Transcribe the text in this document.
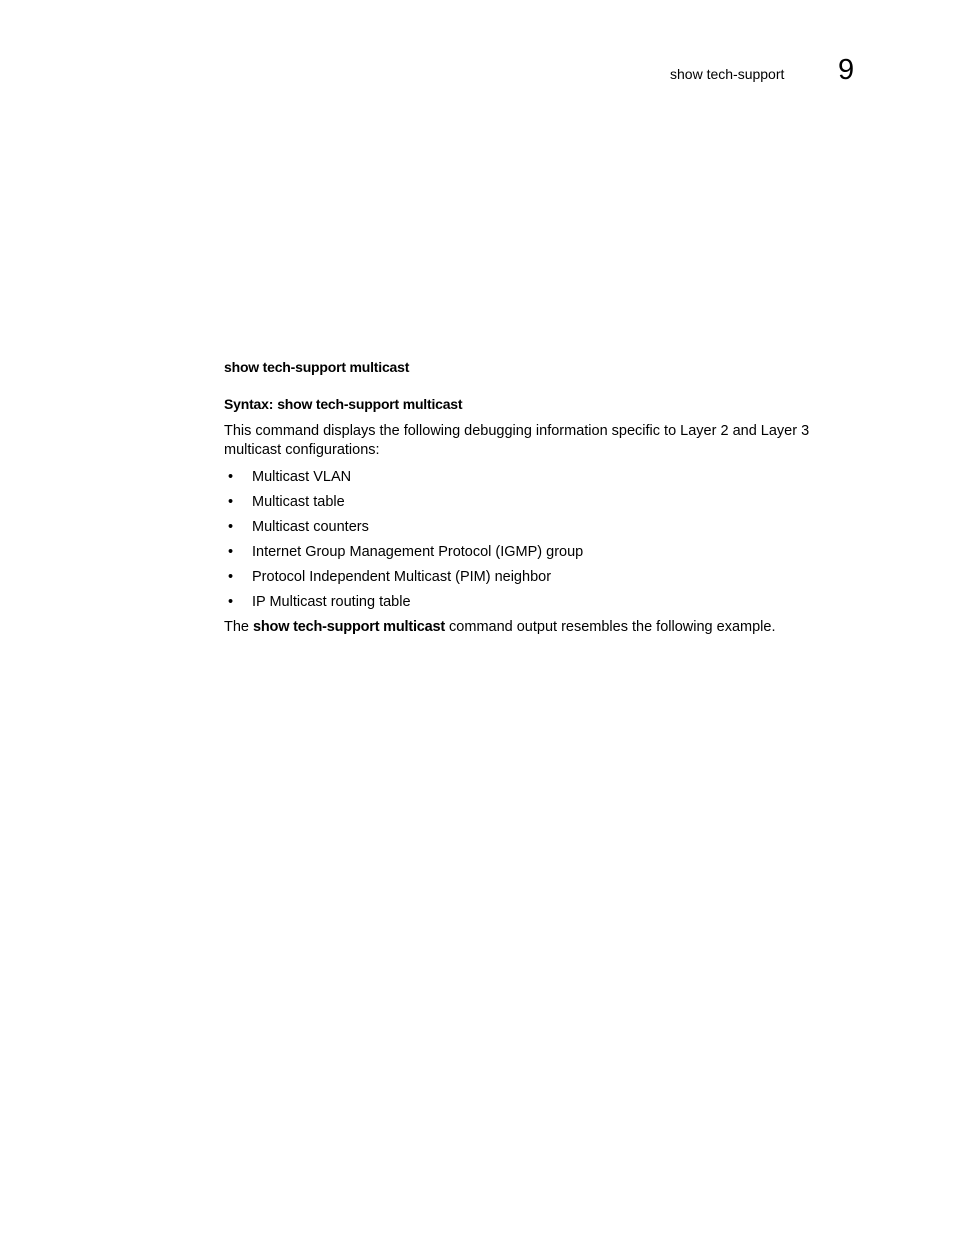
show tech-support 9

show tech-support multicast

Syntax: show tech-support multicast

This command displays the following debugging information specific to Layer 2 and Layer 3 multicast configurations:

• Multicast VLAN
• Multicast table
• Multicast counters
• Internet Group Management Protocol (IGMP) group
• Protocol Independent Multicast (PIM) neighbor
• IP Multicast routing table

The show tech-support multicast command output resembles the following example.
